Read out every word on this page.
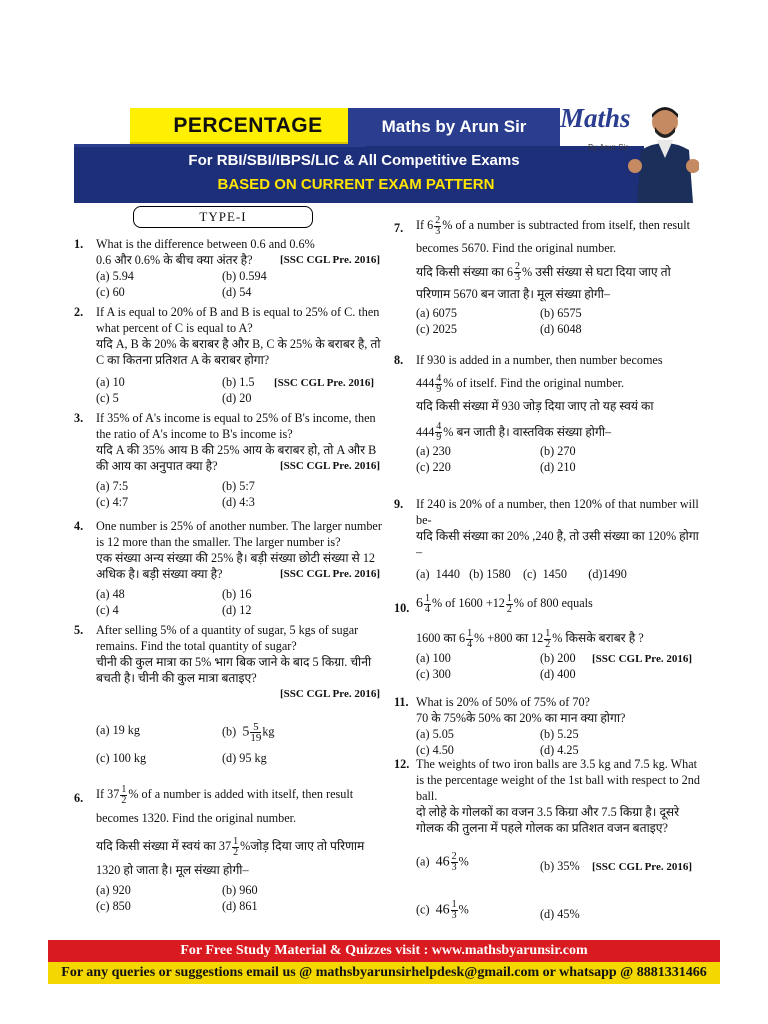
PERCENTAGE	Maths by Arun Sir	Maths
By Arun Sir
For RBI/SBI/IBPS/LIC & All Competitive Exams
BASED ON CURRENT EXAM PATTERN
TYPE-I
1.	What is the difference between 0.6 and 0.6%
0.6 और 0.6% के बीच क्या अंतर है? [SSC CGL Pre. 2016]
(a) 5.94	(b) 0.594
(c) 60	(d) 54
2.	If A is equal to 20% of B and B is equal to 25% of C. then what percent of C is equal to A?
यदि A, B के 20% के बराबर है और B, C के 25% के बराबर है, तो C का कितना प्रतिशत A के बराबर होगा?
(a) 10	(b) 1.5 [SSC CGL Pre. 2016]
(c) 5	(d) 20
3.	If 35% of A's income is equal to 25% of B's income, then the ratio of A's income to B's income is?
यदि A की 35% आय B की 25% आय के बराबर हो, तो A और B की आय का अनुपात क्या है?	[SSC CGL Pre. 2016]
(a) 7:5	(b) 5:7
(c) 4:7	(d) 4:3
4.	One number is 25% of another number. The larger number is 12 more than the smaller. The larger number is?
एक संख्या अन्य संख्या की 25% है। बड़ी संख्या छोटी संख्या से 12 अधिक है। बड़ी संख्या क्या है?	[SSC CGL Pre. 2016]
(a) 48	(b) 16
(c) 4	(d) 12
5.	After selling 5% of a quantity of sugar, 5 kgs of sugar remains. Find the total quantity of sugar?
चीनी की कुल मात्रा का 5% भाग बिक जाने के बाद 5 किग्रा. चीनी बचती है। चीनी की कुल मात्रा बताइए?
[SSC CGL Pre. 2016]
(a) 19 kg	(b) $5 \frac{5}{19}$ kg
(c) 100 kg	(d) 95 kg
6.	If $37 \frac{1}{2}$ % of a number is added with itself, then result becomes 1320. Find the original number.
यदि किसी संख्या में स्वयं का $37 \frac{1}{2}$ %जोड़ दिया जाए तो परिणाम 1320 हो जाता है। मूल संख्या होगी–
(a) 920	(b) 960
(c) 850	(d) 861
7.	If $6 \frac{2}{3}$ % of a number is subtracted from itself, then result becomes 5670. Find the original number.
यदि किसी संख्या का $6 \frac{2}{3}$ % उसी संख्या से घटा दिया जाए तो परिणाम 5670 बन जाता है। मूल संख्या होगी–
(a) 6075	(b) 6575
(c) 2025	(d) 6048
8.	If 930 is added in a number, then number becomes
$444 \frac{4}{9}$ % of itself. Find the original number.
यदि किसी संख्या में 930 जोड़ दिया जाए तो यह स्वयं का
$444 \frac{4}{9}$ % बन जाती है। वास्तविक संख्या होगी–
(a) 230	(b) 270
(c) 220	(d) 210
9.	If 240 is 20% of a number, then 120% of that number will be-
यदि किसी संख्या का 20% ,240 है, तो उसी संख्या का 120% होगा –
(a)  1440   (b) 1580    (c)  1450       (d)1490
10. $6 \frac{1}{4}$ % of $1600 +12 \frac{1}{2}$ % of 800 equals
1600 का $6 \frac{1}{4}$ % +800 का $12 \frac{1}{2}$ % किसके बराबर है ?
(a) 100	(b) 200 [SSC CGL Pre. 2016]
(c) 300	(d) 400
11. What is 20% of 50% of 75% of 70?
70 के 75%के 50% का 20% का मान क्या होगा?
(a) 5.05	(b) 5.25
(c) 4.50	(d) 4.25
12. The weights of two iron balls are 3.5 kg and 7.5 kg. What is the percentage weight of the 1st ball with respect to 2nd ball.
दो लोहे के गोलकों का वजन 3.5 किग्रा और 7.5 किग्रा है। दूसरे गोलक की तुलना में पहले गोलक का प्रतिशत वजन बताइए?
(a) $46 \frac{2}{3}$ %	(b) 35% [SSC CGL Pre. 2016]
(c) $46 \frac{1}{3}$ %	(d) 45%
For Free Study Material & Quizzes visit : www.mathsbyarunsir.com
For any queries or suggestions email us @ mathsbyarunsirhelpdesk@gmail.com or whatsapp @ 8881331466
